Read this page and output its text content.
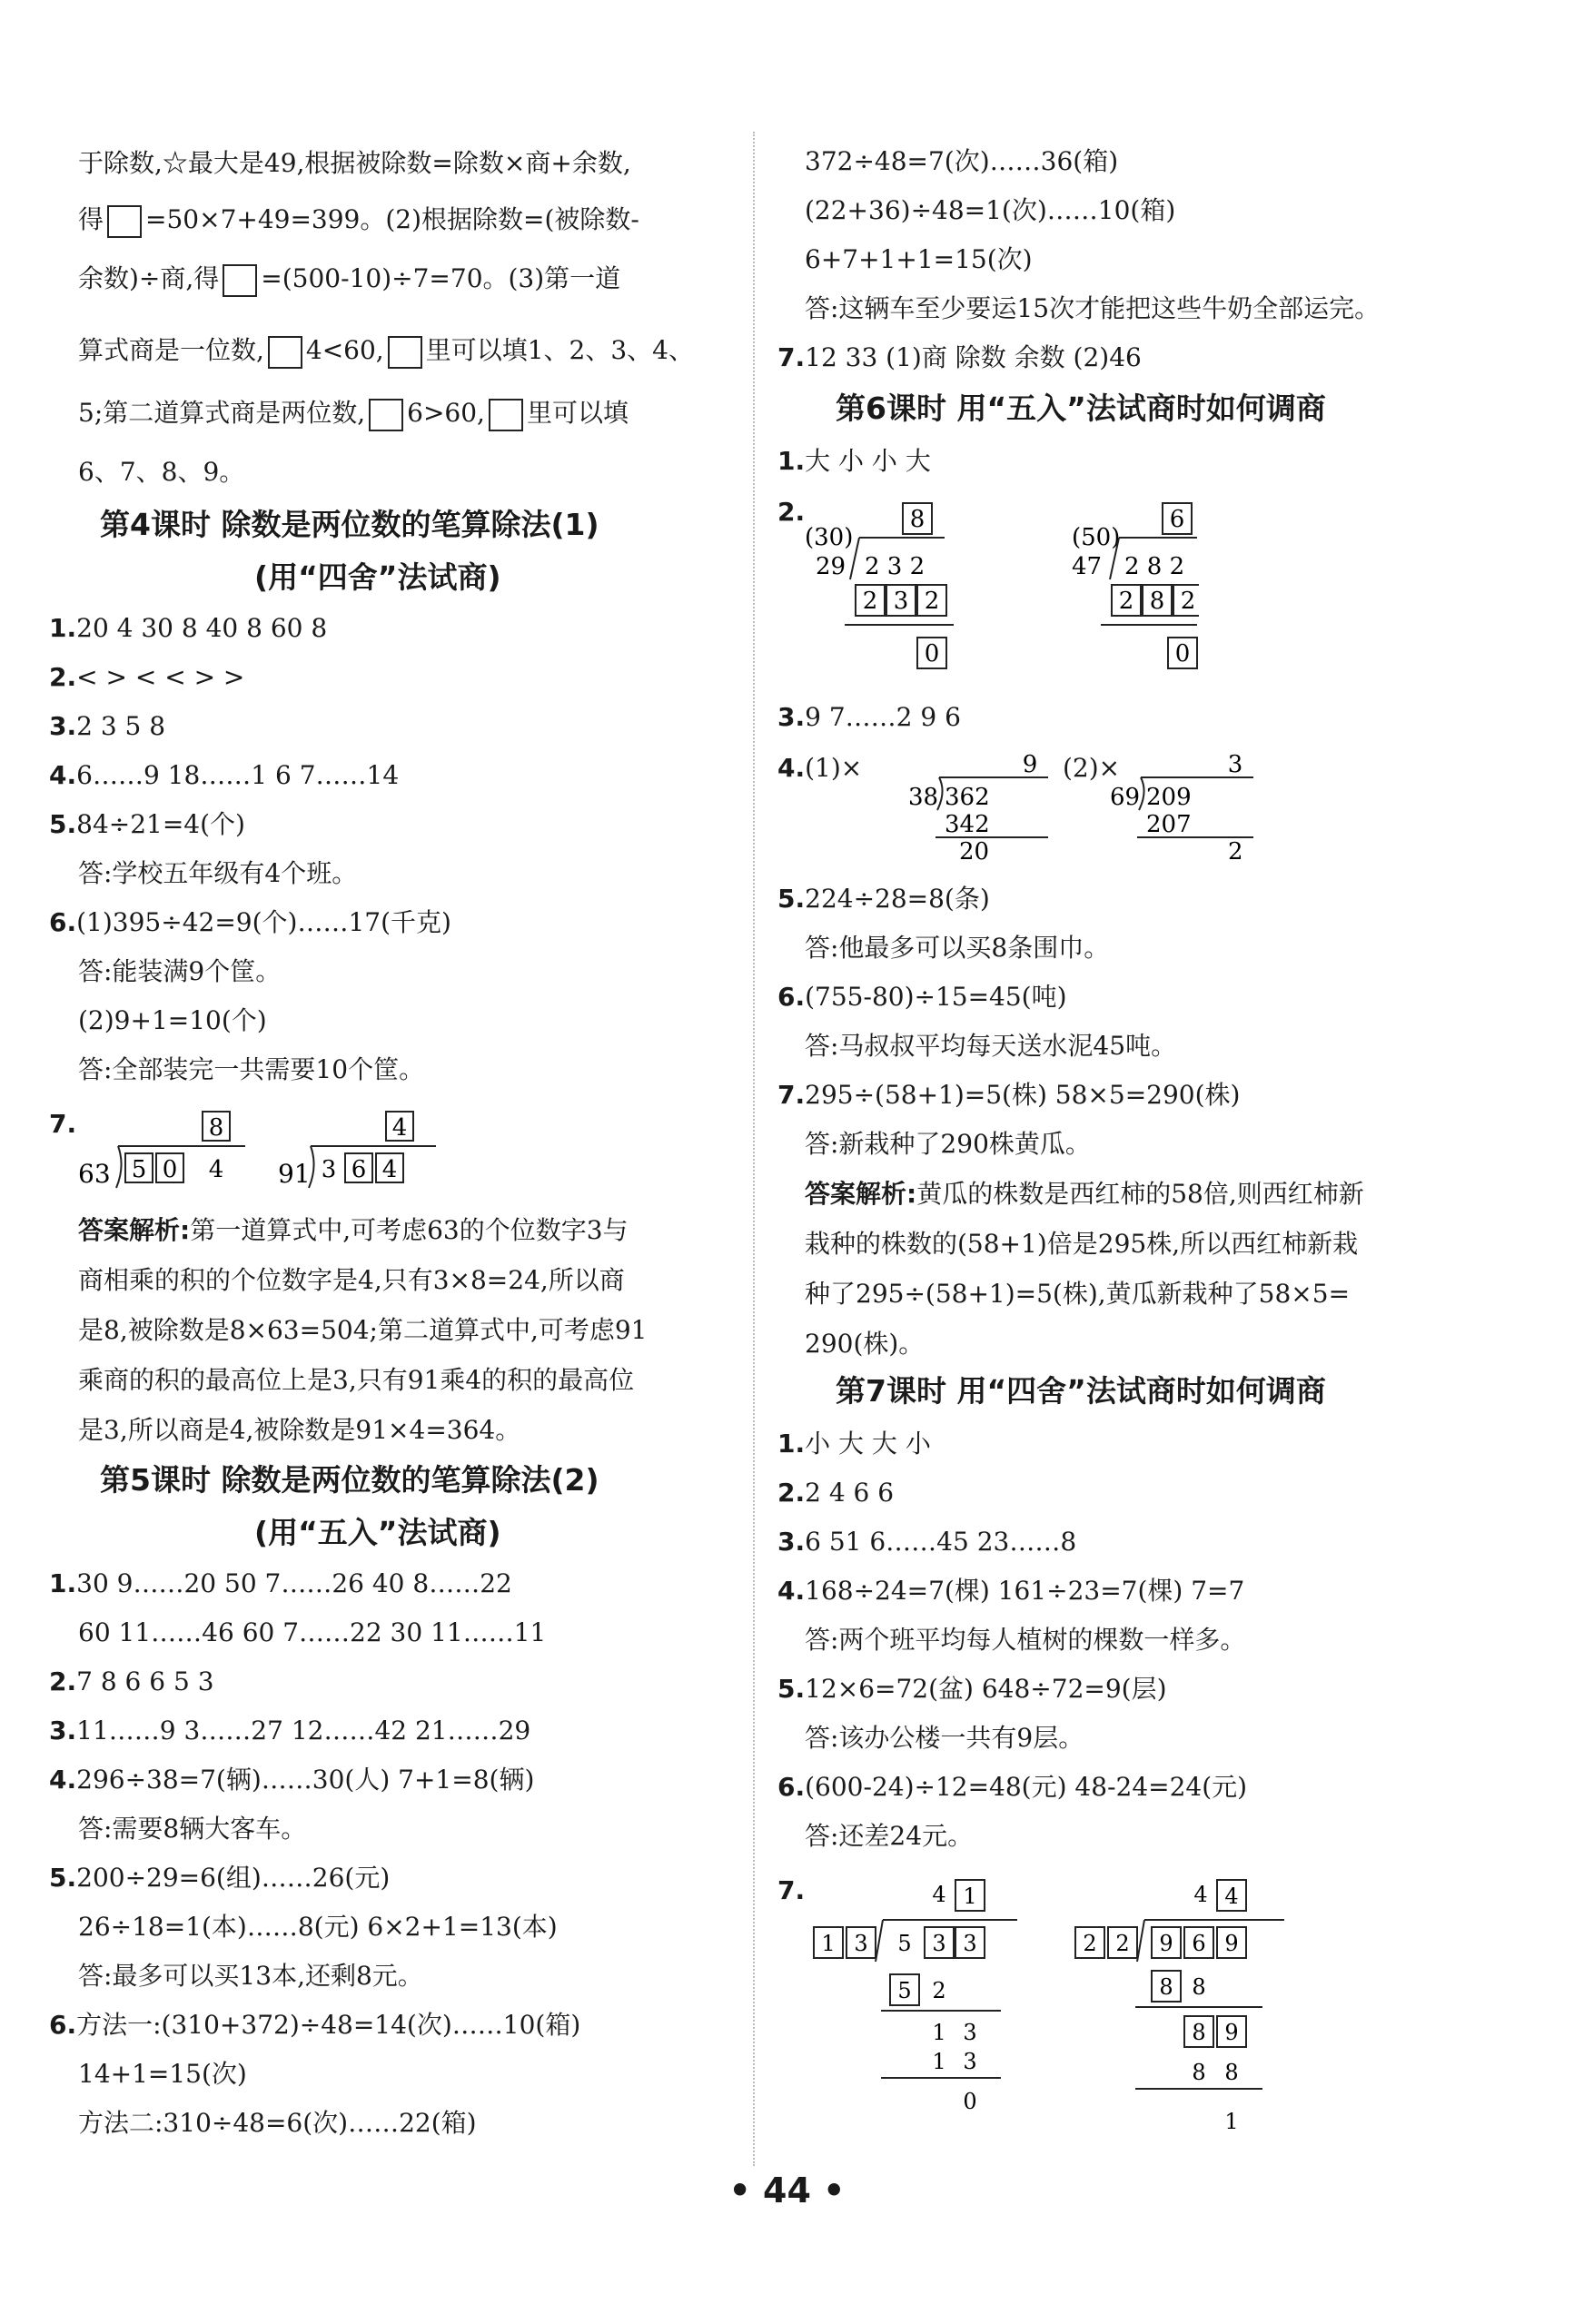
于除数,☆最大是49,根据被除数=除数×商+余数,
得 =50×7+49=399。(2)根据除数=(被除数-
余数)÷商,得 =(500-10)÷7=70。(3)第一道
算式商是一位数, 4<60, 里可以填1、2、3、4、
5;第二道算式商是两位数, 6>60, 里可以填
6、7、8、9。
第4课时 除数是两位数的笔算除法(1)
(用“四舍”法试商)
1.20 4 30 8 40 8 60 8
2.< > < < > >
3.2 3 5 8
4.6……9 18……1 6 7……14
5.84÷21=4(个)
答:学校五年级有4个班。
6.(1)395÷42=9(个)……17(千克)
答:能装满9个筐。
(2)9+1=10(个)
答:全部装完一共需要10个筐。
7.	8
63 5 0 4
4
91 3 6 4
答案解析:第一道算式中,可考虑63的个位数字3与
商相乘的积的个位数字是4,只有3×8=24,所以商
是8,被除数是8×63=504;第二道算式中,可考虑91
乘商的积的最高位上是3,只有91乘4的积的最高位
是3,所以商是4,被除数是91×4=364。
第5课时 除数是两位数的笔算除法(2)
(用“五入”法试商)
1.30 9……20 50 7……26 40 8……22
60 11……46 60 7……22 30 11……11
2.7 8 6 6 5 3
3.11……9 3……27 12……42 21……29
4.296÷38=7(辆)……30(人) 7+1=8(辆)
答:需要8辆大客车。
5.200÷29=6(组)……26(元)
26÷18=1(本)……8(元) 6×2+1=13(本)
答:最多可以买13本,还剩8元。
6.方法一:(310+372)÷48=14(次)……10(箱)
14+1=15(次)
方法二:310÷48=6(次)……22(箱)
372÷48=7(次)……36(箱)
(22+36)÷48=1(次)……10(箱)
6+7+1+1=15(次)
答:这辆车至少要运15次才能把这些牛奶全部运完。
7.12 33 (1)商 除数 余数 (2)46
第6课时 用“五入”法试商时如何调商
1.大 小 小 大
2.
(30)
8
29 2 3 2
2 3 2
0
(50)
6
47 2 8 2
2 8 2
0
3.9 7……2 9 6
4.(1)×	(2)×
9
38 362
342
20
3
69 209
207
2
5.224÷28=8(条)
答:他最多可以买8条围巾。
6.(755-80)÷15=45(吨)
答:马叔叔平均每天送水泥45吨。
7.295÷(58+1)=5(株) 58×5=290(株)
答:新栽种了290株黄瓜。
答案解析:黄瓜的株数是西红柿的58倍,则西红柿新
栽种的株数的(58+1)倍是295株,所以西红柿新栽
种了295÷(58+1)=5(株),黄瓜新栽种了58×5=
290(株)。
第7课时 用“四舍”法试商时如何调商
1.小 大 大 小
2.2 4 6 6
3.6 51 6……45 23……8
4.168÷24=7(棵) 161÷23=7(棵) 7=7
答:两个班平均每人植树的棵数一样多。
5.12×6=72(盆) 648÷72=9(层)
答:该办公楼一共有9层。
6.(600-24)÷12=48(元) 48-24=24(元)
答:还差24元。
7.	4 1
1 3 5 3 3
5 2
1 3
1 3
0
4 4
2 2 9 6 9
8 8
8 9
8 8
1
• 44 •
